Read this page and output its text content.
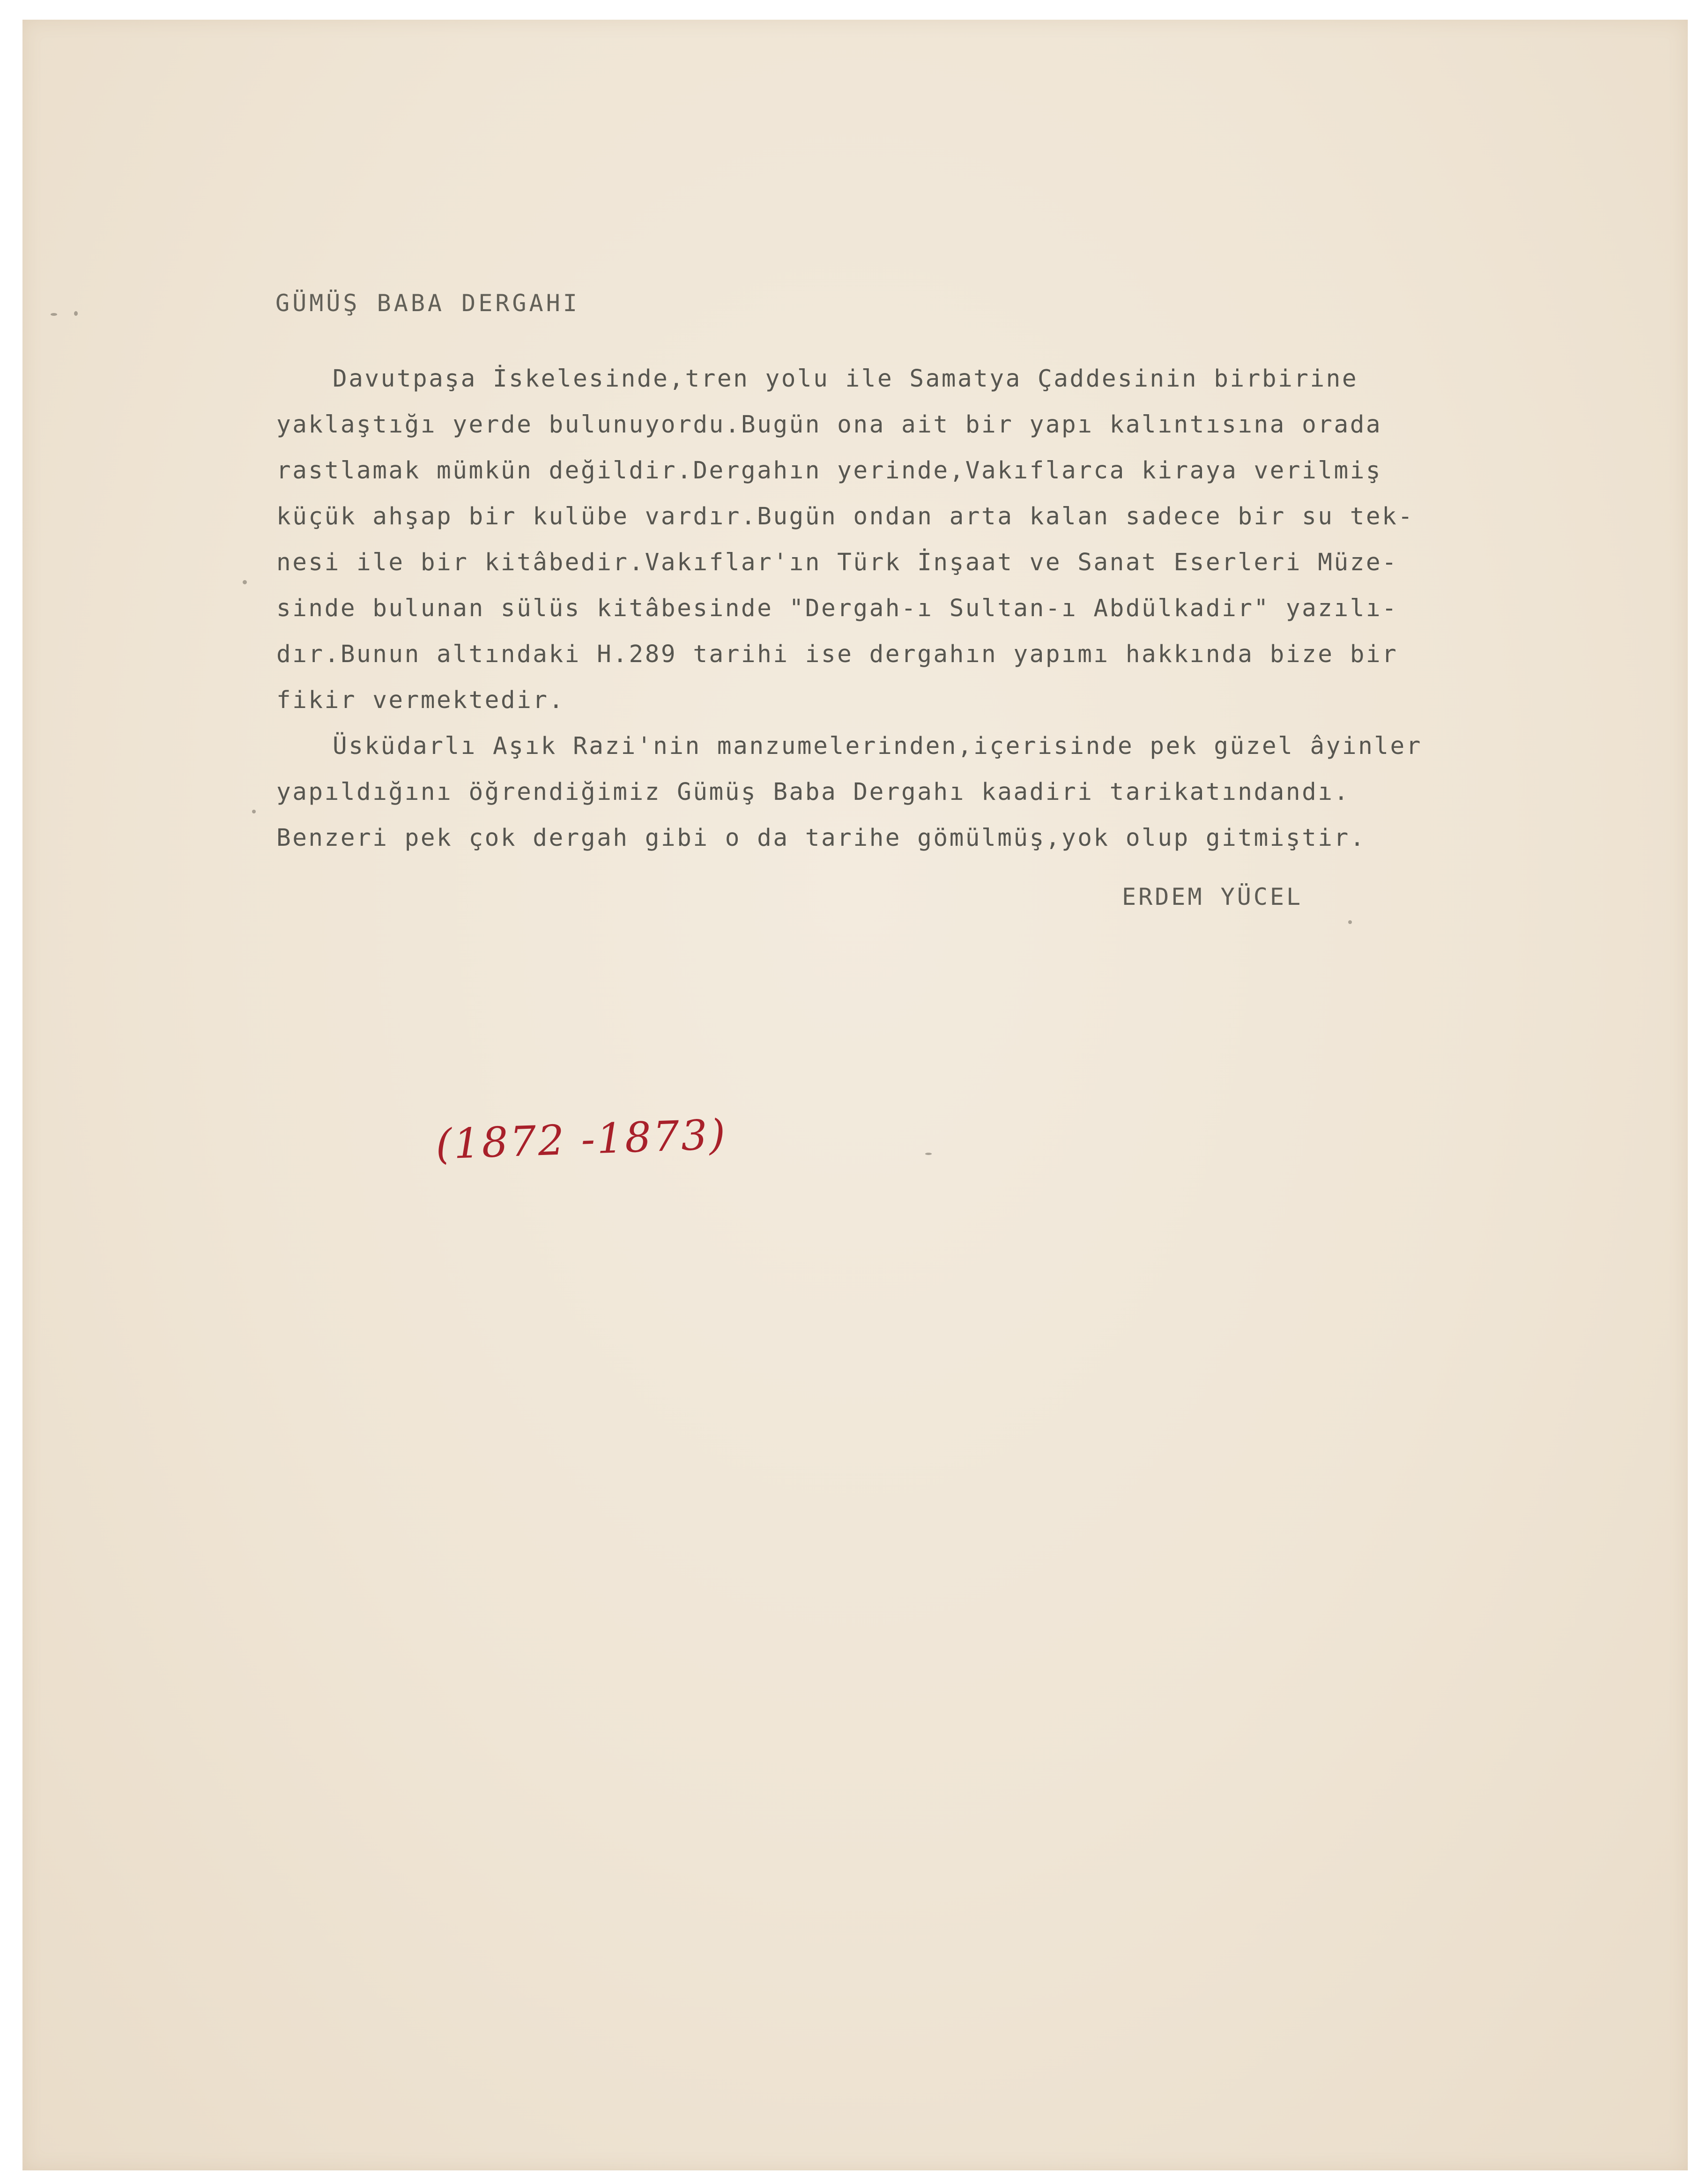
GÜMÜŞ BABA DERGAHI
Davutpaşa İskelesinde,tren yolu ile Samatya Çaddesinin birbirine
yaklaştığı yerde bulunuyordu.Bugün ona ait bir yapı kalıntısına orada
rastlamak mümkün değildir.Dergahın yerinde,Vakıflarca kiraya verilmiş
küçük ahşap bir kulübe vardır.Bugün ondan arta kalan sadece bir su tek-
nesi ile bir kitâbedir.Vakıflar'ın Türk İnşaat ve Sanat Eserleri Müze-
sinde bulunan sülüs kitâbesinde "Dergah-ı Sultan-ı Abdülkadir" yazılı-
dır.Bunun altındaki H.289 tarihi ise dergahın yapımı hakkında bize bir
fikir vermektedir.
Üsküdarlı Aşık Razi'nin manzumelerinden,içerisinde pek güzel âyinler
yapıldığını öğrendiğimiz Gümüş Baba Dergahı kaadiri tarikatındandı.
Benzeri pek çok dergah gibi o da tarihe gömülmüş,yok olup gitmiştir.
ERDEM YÜCEL
(1872 -1873)
